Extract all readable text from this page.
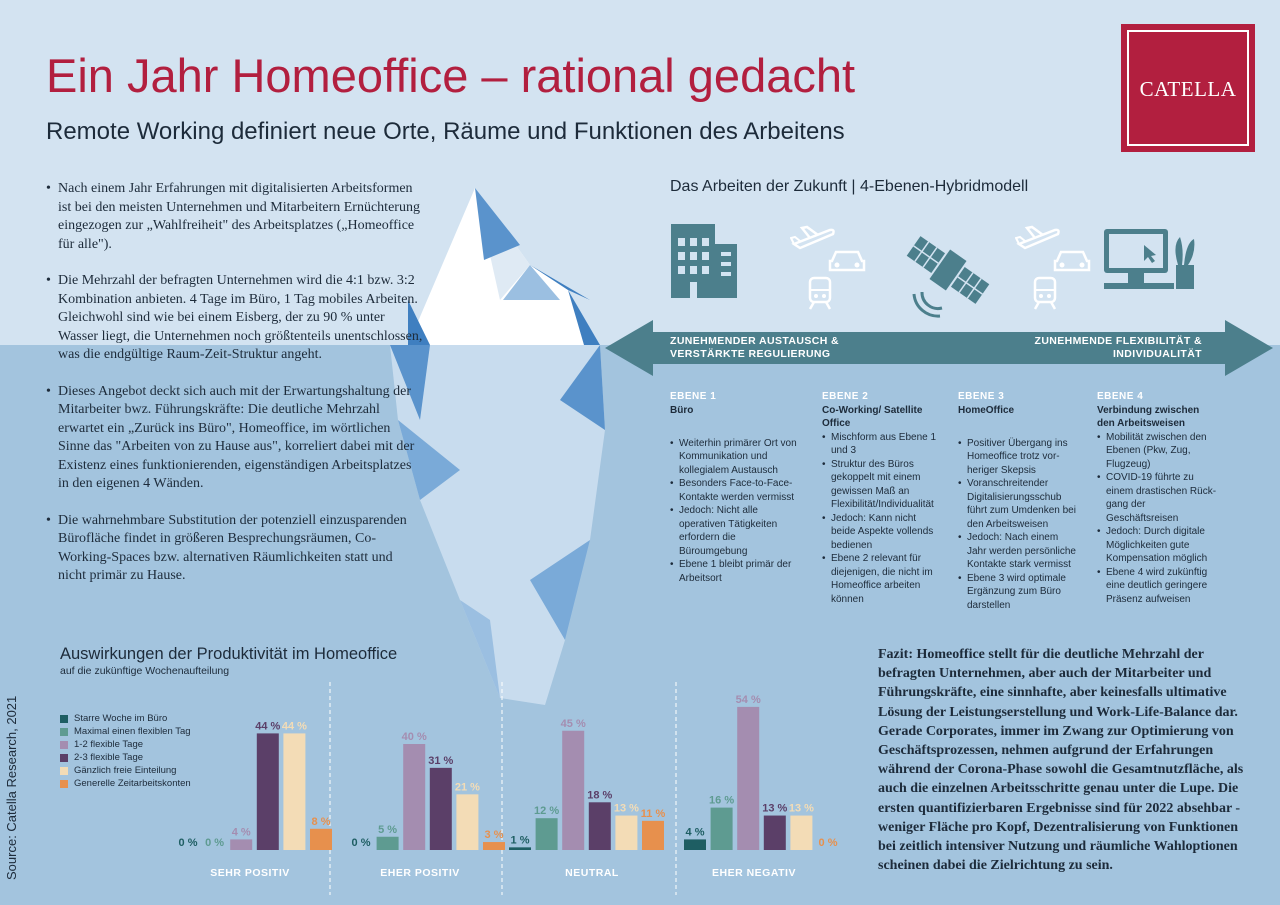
Ein Jahr Homeoffice – rational gedacht
Remote Working definiert neue Orte, Räume und Funktionen des Arbeitens
CATELLA
• Nach einem Jahr Erfahrungen mit digitalisierten Arbeitsformen ist bei den meisten Unternehmen und Mitarbeitern Ernüchterung eingezogen zur „Wahlfreiheit" des Arbeitsplatzes („Homeoffice für alle").
• Die Mehrzahl der befragten Unternehmen wird die 4:1 bzw. 3:2 Kombination anbieten. 4 Tage im Büro, 1 Tag mobiles Arbeiten. Gleichwohl sind wie bei einem Eisberg, der zu 90 % unter Wasser liegt, die Unternehmen noch größtenteils unentschlossen, was die endgültige Raum-Zeit-Struktur angeht.
• Dieses Angebot deckt sich auch mit der Erwartungshaltung der Mitarbeiter bwz. Führungskräfte: Die deutliche Mehrzahl erwartet ein „Zurück ins Büro", Homeoffice, im wörtlichen Sinne das "Arbeiten von zu Hause aus", korreliert dabei mit der Existenz eines funktionierenden, eigenständigen Arbeitsplatzes in den eigenen 4 Wänden.
• Die wahrnehmbare Substitution der potenziell einzusparenden Bürofläche findet in größeren Besprechungsräumen, Co-Working-Spaces bzw. alternativen Räumlichkeiten statt und nicht primär zu Hause.
Das Arbeiten der Zukunft | 4-Ebenen-Hybridmodell
ZUNEHMENDER AUSTAUSCH & VERSTÄRKTE REGULIERUNG
ZUNEHMENDE FLEXIBILITÄT & INDIVIDUALITÄT
EBENE 1
Büro
• Weiterhin primärer Ort von Kommunikation und kollegialem Austausch
• Besonders Face-to-Face-Kontakte werden vermisst
• Jedoch: Nicht alle operativen Tätigkeiten erfordern die Büroumgebung
• Ebene 1 bleibt primär der Arbeitsort
EBENE 2
Co-Working/ Satellite Office
• Mischform aus Ebene 1 und 3
• Struktur des Büros gekoppelt mit einem gewissen Maß an Flexibilität/Individualität
• Jedoch: Kann nicht beide Aspekte vollends bedienen
• Ebene 2 relevant für diejenigen, die nicht im Homeoffice arbeiten können
EBENE 3
HomeOffice
• Positiver Übergang ins Homeoffice trotz vorheriger Skepsis
• Voranschreitender Digitalisierungsschub führt zum Umdenken bei den Arbeitsweisen
• Jedoch: Nach einem Jahr werden persönliche Kontakte stark vermisst
• Ebene 3 wird optimale Ergänzung zum Büro darstellen
EBENE 4
Verbindung zwischen den Arbeitsweisen
• Mobilität zwischen den Ebenen (Pkw, Zug, Flugzeug)
• COVID-19 führte zu einem drastischen Rückgang der Geschäftsreisen
• Jedoch: Durch digitale Möglichkeiten gute Kompensation möglich
• Ebene 4 wird zukünftig eine deutlich geringere Präsenz aufweisen
Auswirkungen der Produktivität im Homeoffice
auf die zukünftige Wochenaufteilung
Starre Woche im Büro
Maximal einen flexiblen Tag
1-2 flexible Tage
2-3 flexible Tage
Gänzlich freie Einteilung
Generelle Zeitarbeitskonten
0 % 0 %
4 %
44 % 44 %
8 %
SEHR POSITIV
0 %
5 %
40 %
31 %
21 %
3 %
EHER POSITIV
1 %
12 %
45 %
18 %
13 % 11 %
NEUTRAL
4 %
16 %
54 %
13 % 13 %
0 %
EHER NEGATIV
Source: Catella Research, 2021
Fazit: Homeoffice stellt für die deutliche Mehrzahl der befragten Unternehmen, aber auch der Mitarbeiter und Führungskräfte, eine sinnhafte, aber keinesfalls ultimative Lösung der Leistungserstellung und Work-Life-Balance dar. Gerade Corporates, immer im Zwang zur Optimierung von Geschäftsprozessen, nehmen aufgrund der Erfahrungen während der Corona-Phase sowohl die Gesamtnutzfläche, als auch die einzelnen Arbeitsschritte genau unter die Lupe. Die ersten quantifizierbaren Ergebnisse sind für 2022 absehbar - weniger Fläche pro Kopf, Dezentralisierung von Funktionen bei zeitlich intensiver Nutzung und räumliche Wahloptionen scheinen dabei die Zielrichtung zu sein.
